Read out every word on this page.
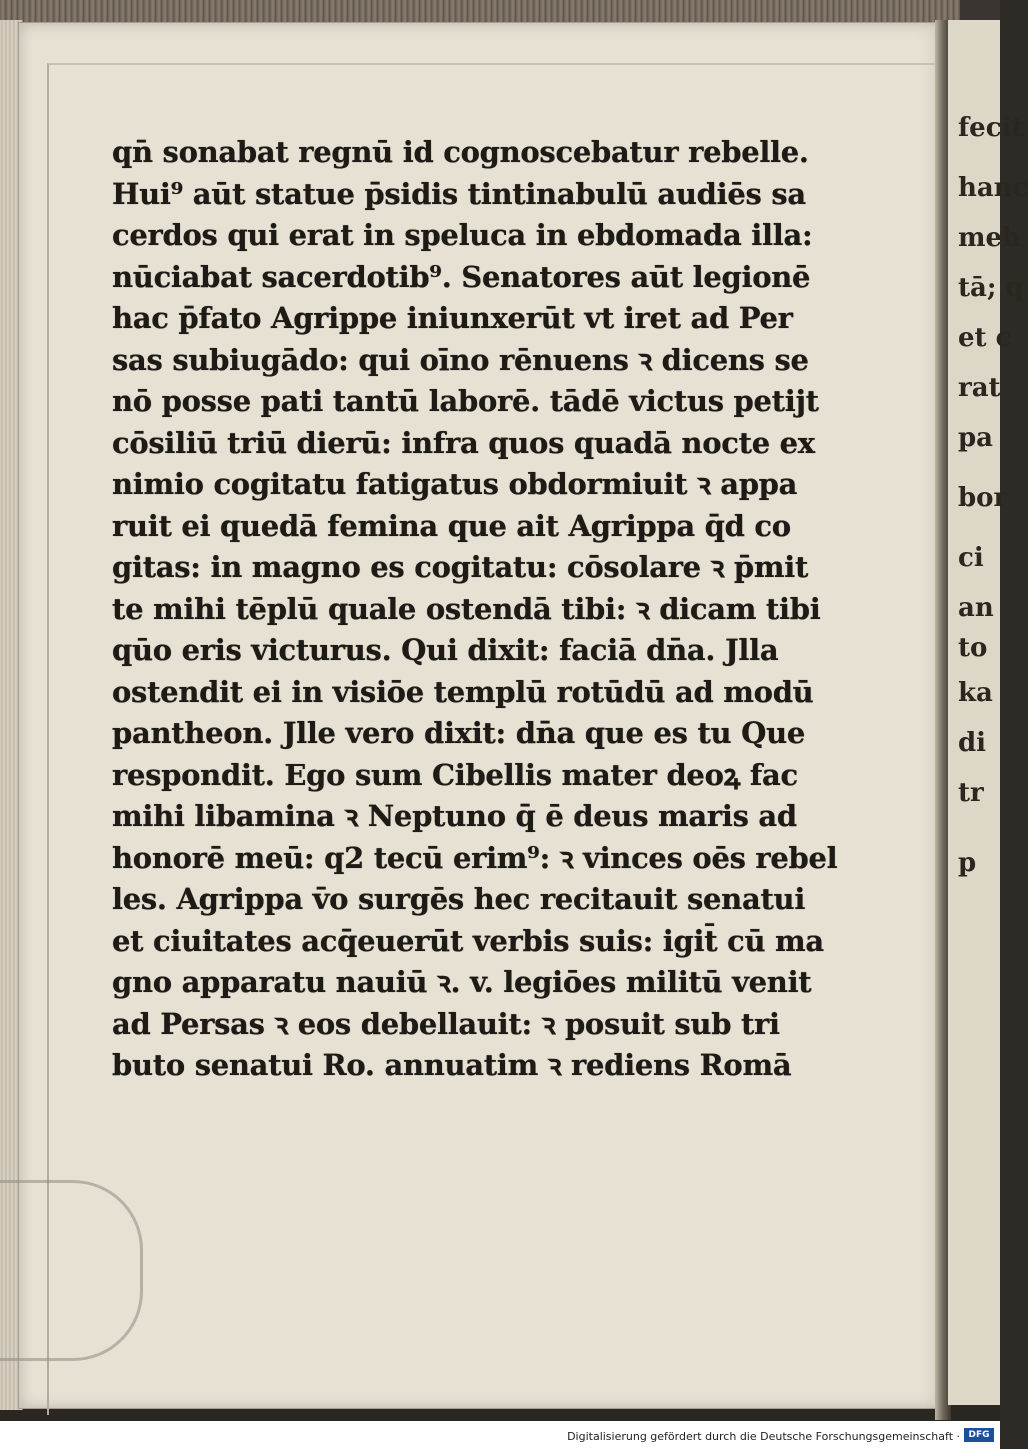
fecit
hanc
meh
tā; q
et c
rat
pa
bor
ci
an
to
ka
di
tr
p
qn̄ sonabat regnū id cognoscebatur rebelle.
Hui⁹ aūt statue p̄sidis tintinabulū audiēs sa
cerdos qui erat in speluca in ebdomada illa:
nūciabat sacerdotib⁹. Senatores aūt legionē
hac p̄fato Agrippe iniunxerūt vt iret ad Per
sas subiugādo: qui oīno rēnuens ꝛ dicens se
nō posse pati tantū laborē. tādē victus petijt
cōsiliū triū dierū: infra quos quadā nocte ex
nimio cogitatu fatigatus obdormiuit ꝛ appa
ruit ei quedā femina que ait Agrippa q̄d co
gitas: in magno es cogitatu: cōsolare ꝛ p̄mit
te mihi tēplū quale ostendā tibi: ꝛ dicam tibi
qūo eris victurus. Qui dixit: faciā dn̄a. Jlla
ostendit ei in visiōe templū rotūdū ad modū
pantheon. Jlle vero dixit: dn̄a que es tu Que
respondit. Ego sum Cibellis mater deoꝝ fac
mihi libamina ꝛ Neptuno q̄ ē deus maris ad
honorē meū: q2 tecū erim⁹: ꝛ vinces oēs rebel
les. Agrippa v̄o surgēs hec recitauit senatui
et ciuitates acq̄euerūt verbis suis: igit̄ cū ma
gno apparatu nauiū ꝛ. v. legiōes militū venit
ad Persas ꝛ eos debellauit: ꝛ posuit sub tri
buto senatui Ro. annuatim ꝛ rediens Romā
Digitalisierung gefördert durch die Deutsche Forschungsgemeinschaft · DFG
